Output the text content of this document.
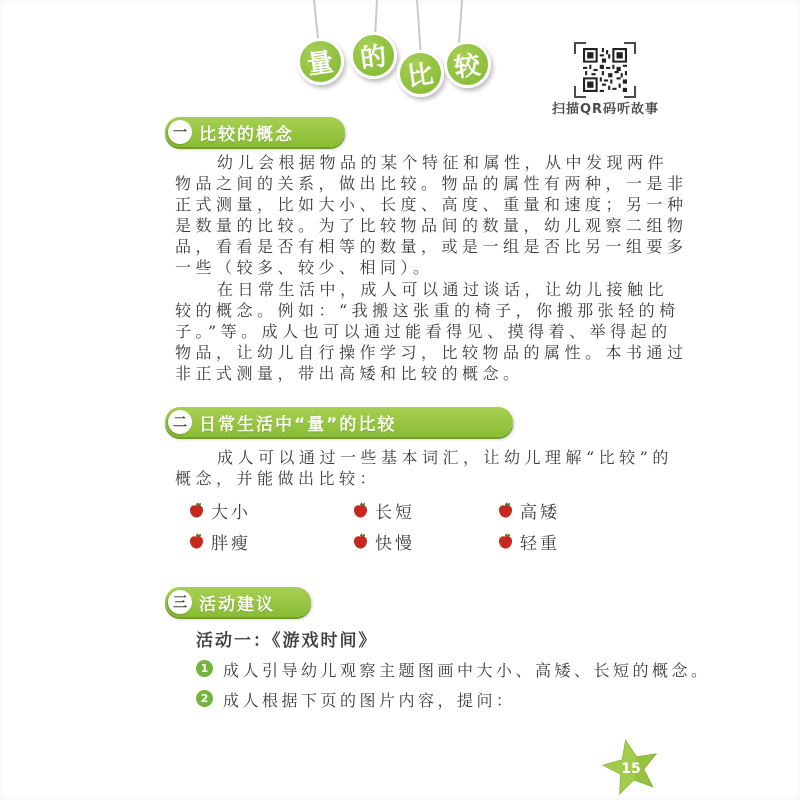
量 的
比 较
扫描QR码听故事
一 比较的概念
幼儿会根据物品的某个特征和属性，从中发现两件
物品之间的关系，做出比较。物品的属性有两种，一是非
正式测量，比如大小、长度、高度、重量和速度；另一种
是数量的比较。为了比较物品间的数量，幼儿观察二组物
品，看看是否有相等的数量，或是一组是否比另一组要多
一些（较多、较少、相同）。
在日常生活中，成人可以通过谈话，让幼儿接触比
较的概念。例如：“我搬这张重的椅子，你搬那张轻的椅
子。”等。成人也可以通过能看得见、摸得着、举得起的
物品，让幼儿自行操作学习，比较物品的属性。本书通过
非正式测量，带出高矮和比较的概念。
二 日常生活中“量”的比较
成人可以通过一些基本词汇，让幼儿理解“比较”的
概念，并能做出比较：
大小	长短	高矮
胖瘦	快慢	轻重
三 活动建议
活动一：《游戏时间》
1 成人引导幼儿观察主题图画中大小、高矮、长短的概念。
2 成人根据下页的图片内容，提问：
15
